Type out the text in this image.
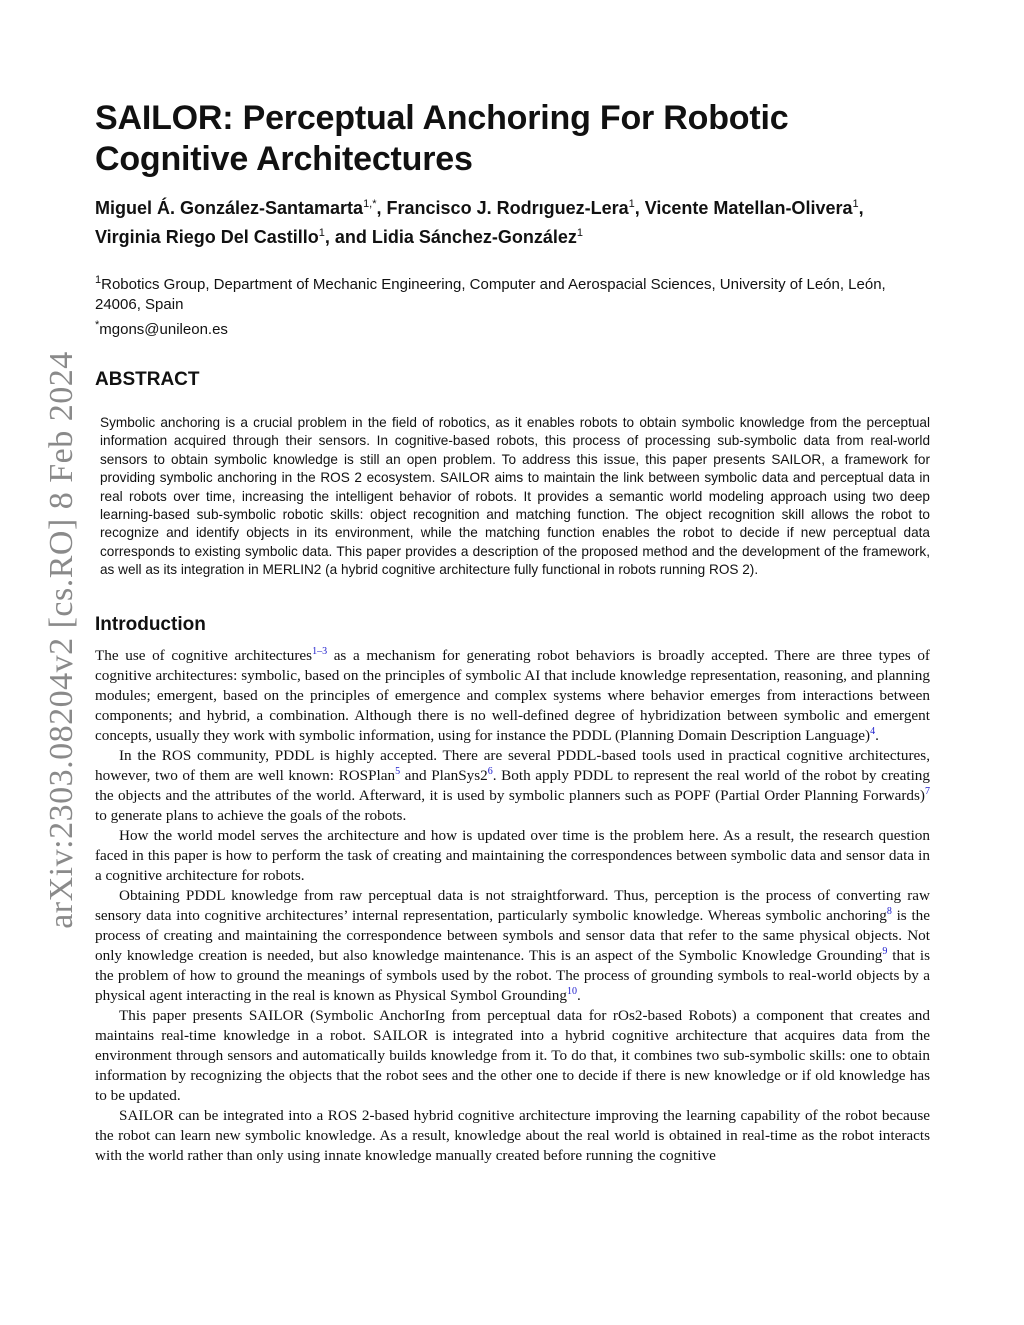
arXiv:2303.08204v2 [cs.RO] 8 Feb 2024
SAILOR: Perceptual Anchoring For Robotic Cognitive Architectures
Miguel Á. González-Santamarta$^{1,*}$, Francisco J. Rodrıguez-Lera$^1$, Vicente Matellan-Olivera$^1$, Virginia Riego Del Castillo$^1$, and Lidia Sánchez-González$^1$
$^1$Robotics Group, Department of Mechanic Engineering, Computer and Aerospacial Sciences, University of León, León, 24006, Spain
*mgons@unileon.es
ABSTRACT

Symbolic anchoring is a crucial problem in the field of robotics, as it enables robots to obtain symbolic knowledge from the perceptual information acquired through their sensors. In cognitive-based robots, this process of processing sub-symbolic data from real-world sensors to obtain symbolic knowledge is still an open problem. To address this issue, this paper presents SAILOR, a framework for providing symbolic anchoring in the ROS 2 ecosystem. SAILOR aims to maintain the link between symbolic data and perceptual data in real robots over time, increasing the intelligent behavior of robots. It provides a semantic world modeling approach using two deep learning-based sub-symbolic robotic skills: object recognition and matching function. The object recognition skill allows the robot to recognize and identify objects in its environment, while the matching function enables the robot to decide if new perceptual data corresponds to existing symbolic data. This paper provides a description of the proposed method and the development of the framework, as well as its integration in MERLIN2 (a hybrid cognitive architecture fully functional in robots running ROS 2).

Introduction

The use of cognitive architectures$^{1-3}$ as a mechanism for generating robot behaviors is broadly accepted. There are three types of cognitive architectures: symbolic, based on the principles of symbolic AI that include knowledge representation, reasoning, and planning modules; emergent, based on the principles of emergence and complex systems where behavior emerges from interactions between components; and hybrid, a combination. Although there is no well-defined degree of hybridization between symbolic and emergent concepts, usually they work with symbolic information, using for instance the PDDL (Planning Domain Description Language)$^4$.

In the ROS community, PDDL is highly accepted. There are several PDDL-based tools used in practical cognitive architectures, however, two of them are well known: ROSPlan$^5$ and PlanSys2$^6$. Both apply PDDL to represent the real world of the robot by creating the objects and the attributes of the world. Afterward, it is used by symbolic planners such as POPF (Partial Order Planning Forwards)$^7$ to generate plans to achieve the goals of the robots.

How the world model serves the architecture and how is updated over time is the problem here. As a result, the research question faced in this paper is how to perform the task of creating and maintaining the correspondences between symbolic data and sensor data in a cognitive architecture for robots.

Obtaining PDDL knowledge from raw perceptual data is not straightforward. Thus, perception is the process of converting raw sensory data into cognitive architectures’ internal representation, particularly symbolic knowledge. Whereas symbolic anchoring$^8$ is the process of creating and maintaining the correspondence between symbols and sensor data that refer to the same physical objects. Not only knowledge creation is needed, but also knowledge maintenance. This is an aspect of the Symbolic Knowledge Grounding$^9$ that is the problem of how to ground the meanings of symbols used by the robot. The process of grounding symbols to real-world objects by a physical agent interacting in the real is known as Physical Symbol Grounding$^{10}$.

This paper presents SAILOR (Symbolic AnchorIng from perceptual data for rOs2-based Robots) a component that creates and maintains real-time knowledge in a robot. SAILOR is integrated into a hybrid cognitive architecture that acquires data from the environment through sensors and automatically builds knowledge from it. To do that, it combines two sub-symbolic skills: one to obtain information by recognizing the objects that the robot sees and the other one to decide if there is new knowledge or if old knowledge has to be updated.

SAILOR can be integrated into a ROS 2-based hybrid cognitive architecture improving the learning capability of the robot because the robot can learn new symbolic knowledge. As a result, knowledge about the real world is obtained in real-time as the robot interacts with the world rather than only using innate knowledge manually created before running the cognitive
